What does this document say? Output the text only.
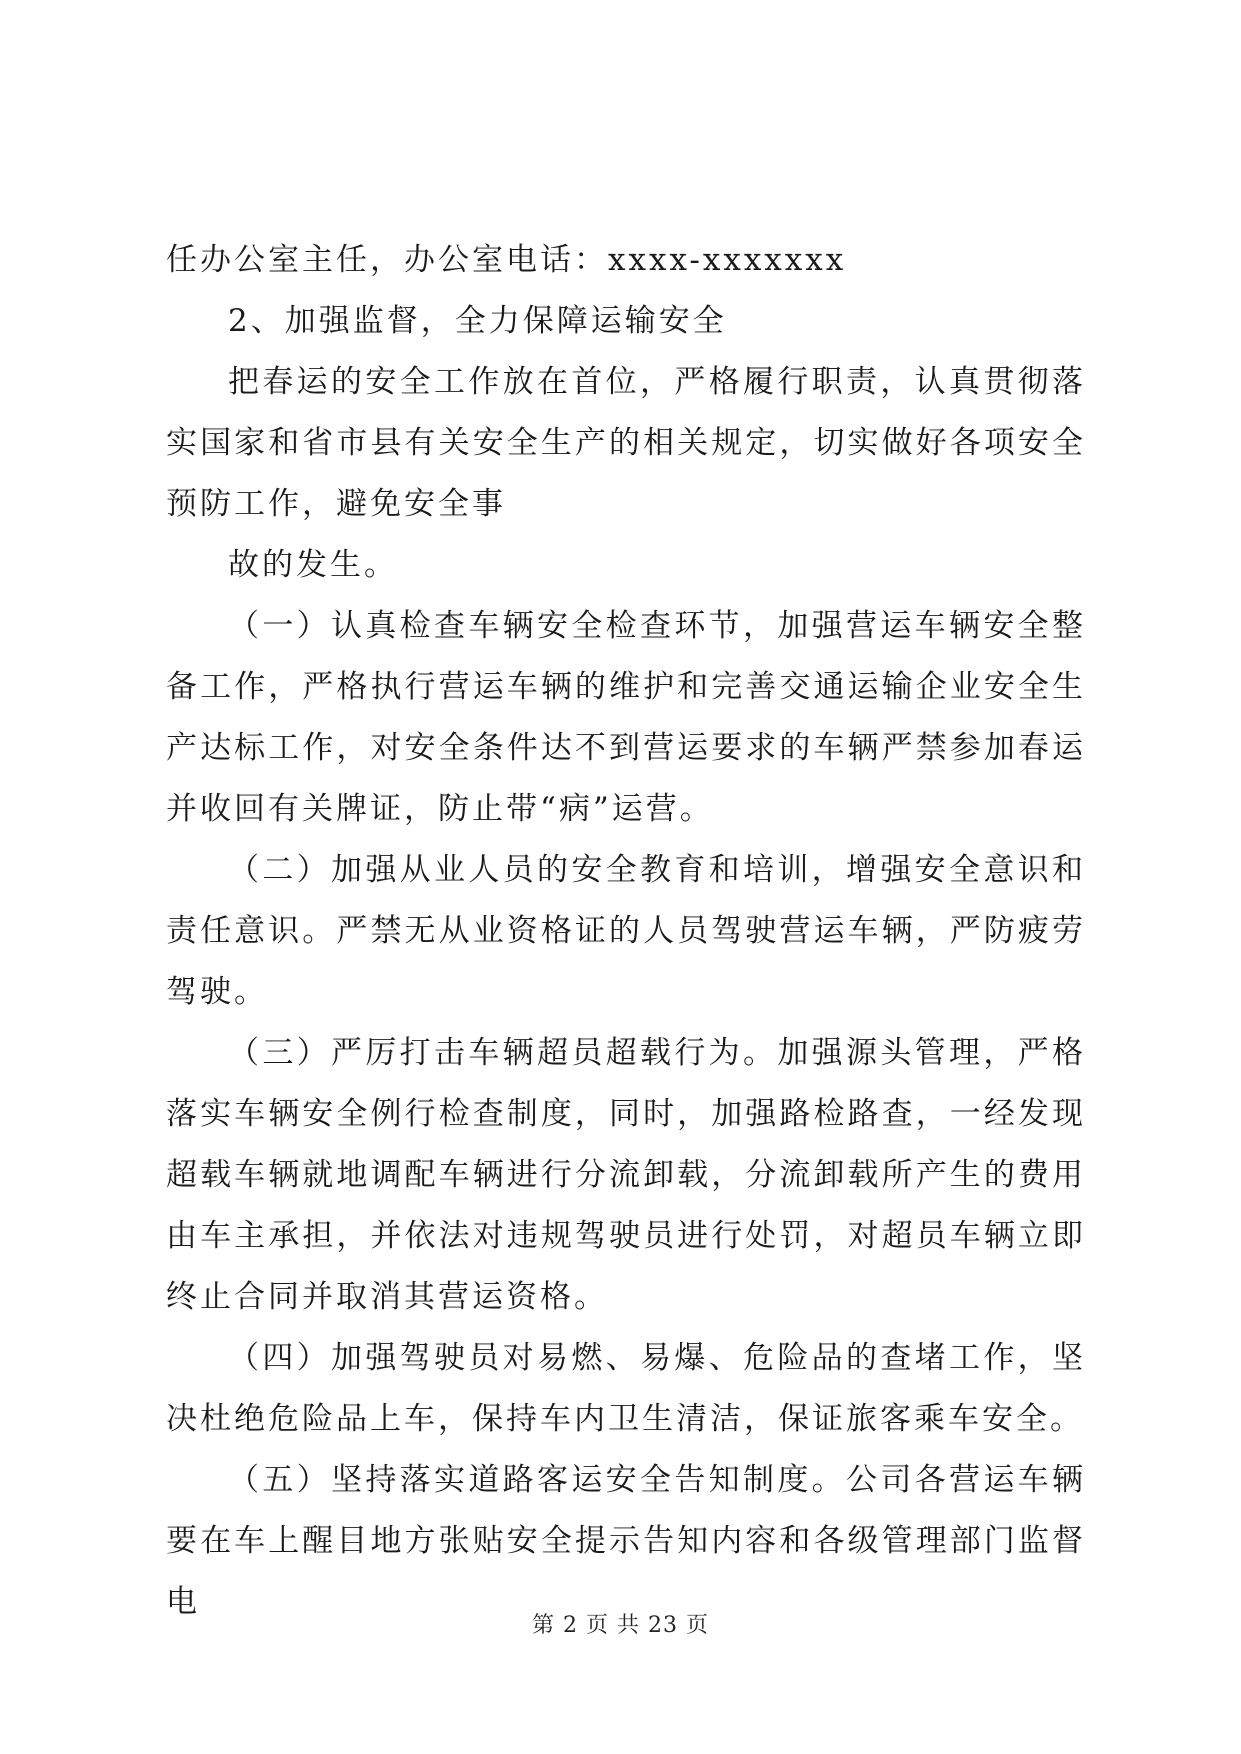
任办公室主任，办公室电话：xxxx-xxxxxxx

2、加强监督，全力保障运输安全

把春运的安全工作放在首位，严格履行职责，认真贯彻落实国家和省市县有关安全生产的相关规定，切实做好各项安全预防工作，避免安全事

故的发生。

（一）认真检查车辆安全检查环节，加强营运车辆安全整备工作，严格执行营运车辆的维护和完善交通运输企业安全生产达标工作，对安全条件达不到营运要求的车辆严禁参加春运并收回有关牌证，防止带“病”运营。

（二）加强从业人员的安全教育和培训，增强安全意识和责任意识。严禁无从业资格证的人员驾驶营运车辆，严防疲劳驾驶。

（三）严厉打击车辆超员超载行为。加强源头管理，严格落实车辆安全例行检查制度，同时，加强路检路查，一经发现超载车辆就地调配车辆进行分流卸载，分流卸载所产生的费用由车主承担，并依法对违规驾驶员进行处罚，对超员车辆立即终止合同并取消其营运资格。

（四）加强驾驶员对易燃、易爆、危险品的查堵工作，坚决杜绝危险品上车，保持车内卫生清洁，保证旅客乘车安全。

（五）坚持落实道路客运安全告知制度。公司各营运车辆要在车上醒目地方张贴安全提示告知内容和各级管理部门监督电

第 2 页 共 23 页
